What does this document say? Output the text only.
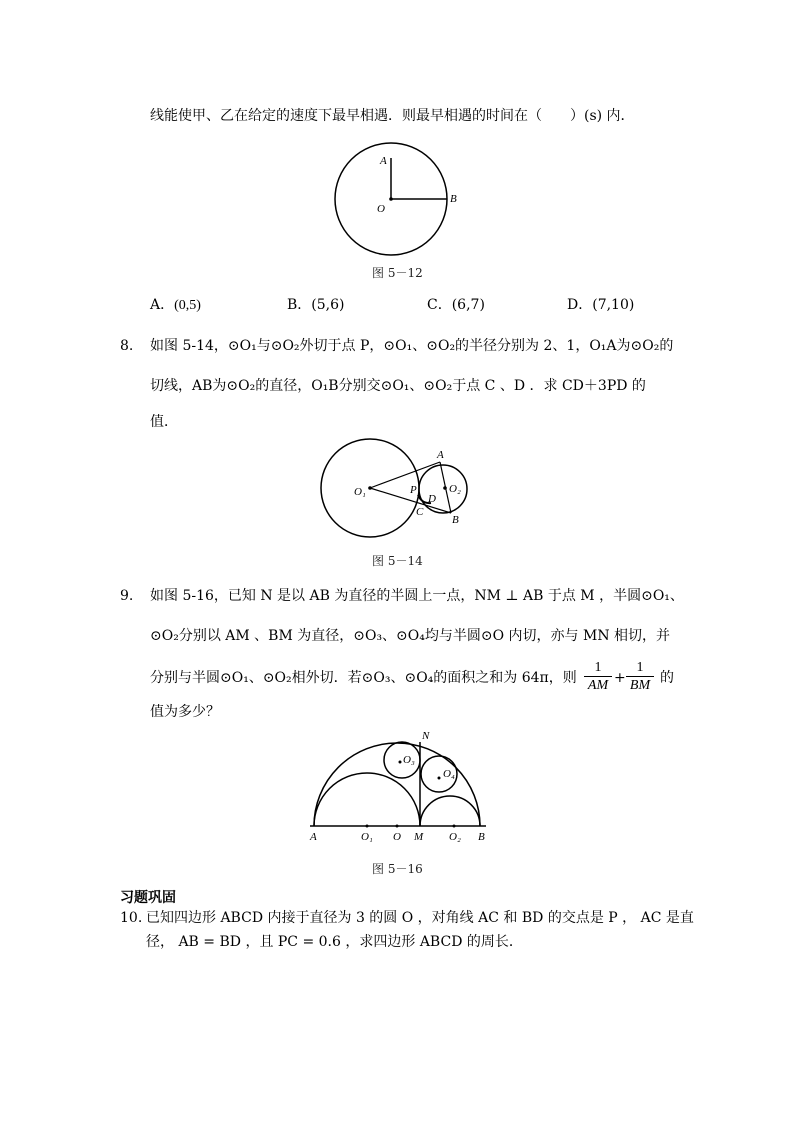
线能使甲、乙在给定的速度下最早相遇．则最早相遇的时间在（　　）(s) 内．
A
B
O
图 5－12
A．(0,5)	B．(5,6)	C．(6,7)	D．(7,10)
8. 如图 5-14，⊙O₁与⊙O₂外切于点 P，⊙O₁、⊙O₂的半径分别为 2、1，O₁A为⊙O₂的
切线，AB为⊙O₂的直径，O₁B分别交⊙O₁、⊙O₂于点 C 、D ．求 CD＋3PD 的
值．
O₁	O₂
A
B
C
D
P
图 5－14
9. 如图 5-16，已知 N 是以 AB 为直径的半圆上一点，NM ⊥ AB 于点 M ，半圆⊙O₁、
⊙O₂分别以 AM 、BM 为直径，⊙O₃、⊙O₄均与半圆⊙O 内切，亦与 MN 相切，并
分别与半圆⊙O₁、⊙O₂相外切．若⊙O₃、⊙O₄的面积之和为 64π，则
1
AM +
1
BM 的
值为多少？
N
O₃
O₄
A	O₁ O M O₂ B
图 5－16
习题巩固
10. 已知四边形 ABCD 内接于直径为 3 的圆 O ，对角线 AC 和 BD 的交点是 P ， AC 是直
径， AB = BD ，且 PC = 0.6 ，求四边形 ABCD 的周长．
